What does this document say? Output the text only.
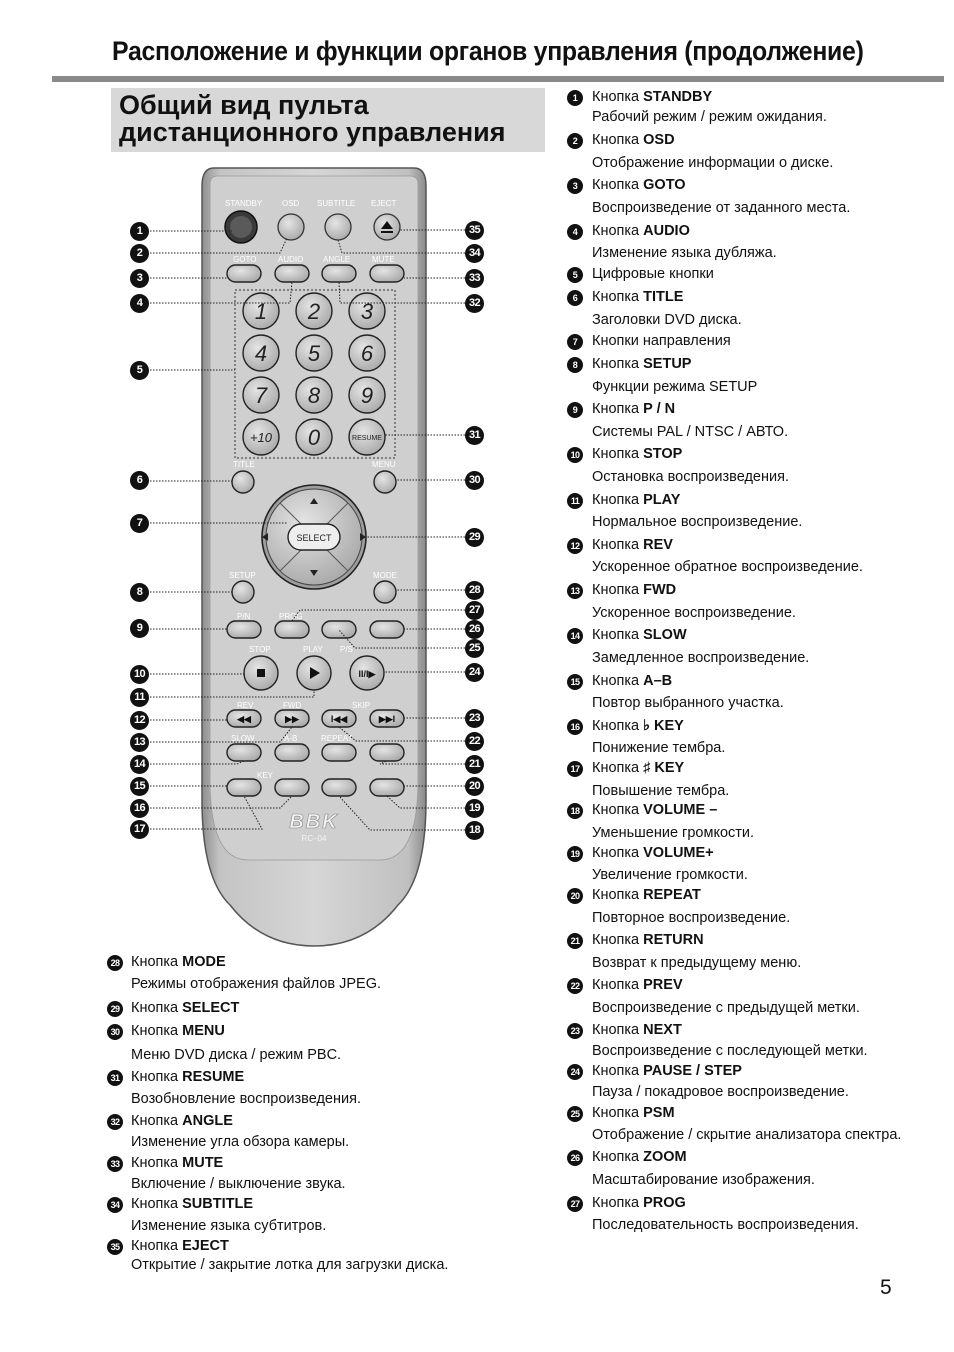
Расположение и функции органов управления (продолжение)
Общий вид пульта
дистанционного управления
STANDBY OSD SUBTITLE EJECT
GOTO	AUDIO ANGLE	MUTE
TITLE	MENU
SETUP	MODE
P/N	PROG
STOP	PLAY P/S
REV	FWD	SKIP
SLOW	A-B	REPEAT
KEY
1 2 3
4 5 6
7 8 9
0
+10	RESUME
SELECT
II/I▶
◀◀	▶▶	I◀◀	▶▶I
BBK
RC–04
1
2
3
4
5
6
7
8
9
10
11
12
13
14
15
16
17
35
34
33
32
31
30
29
28
27
26
25
24
23
22
21
20
19
18
1	Кнопка STANDBY
Рабочий режим / режим ожидания.
2	Кнопка OSD
Отображение информации о диске.
3	Кнопка GOTO
Воспроизведение от заданного места.
4	Кнопка AUDIO
Изменение языка дубляжа.
5	Цифровые кнопки
6	Кнопка TITLE
Заголовки DVD диска.
7	Кнопки направления
8	Кнопка SETUP
Функции режима SETUP
9	Кнопка P / N
Системы PAL / NTSC / АВТО.
10 Кнопка STOP
Остановка воспроизведения.
11 Кнопка PLAY
Нормальное воспроизведение.
12 Кнопка REV
Ускоренное обратное воспроизведение.
13 Кнопка FWD
Ускоренное воспроизведение.
14 Кнопка SLOW
Замедленное воспроизведение.
15 Кнопка A–B
Повтор выбранного участка.
16 Кнопка ♭ KEY
Понижение тембра.
17 Кнопка ♯ KEY
Повышение тембра.
18 Кнопка VOLUME –
Уменьшение громкости.
19 Кнопка VOLUME+
Увеличение громкости.
20 Кнопка REPEAT
Повторное воспроизведение.
21 Кнопка RETURN
Возврат к предыдущему меню.
22 Кнопка PREV
Воспроизведение с предыдущей метки.
23 Кнопка NEXT
Воспроизведение с последующей метки.
24 Кнопка PAUSE / STEP
Пауза / покадровое воспроизведение.
25 Кнопка PSM
Отображение / скрытие анализатора спектра.
26 Кнопка ZOOM
Масштабирование изображения.
27 Кнопка PROG
Последовательность воспроизведения.
28 Кнопка MODE
Режимы отображения файлов JPEG.
29 Кнопка SELECT
30 Кнопка MENU
Меню DVD диска / режим PBC.
31 Кнопка RESUME
Возобновление воспроизведения.
32 Кнопка ANGLE
Изменение угла обзора камеры.
33 Кнопка MUTE
Включение / выключение звука.
34 Кнопка SUBTITLE
Изменение языка субтитров.
35 Кнопка EJECT
Открытие / закрытие лотка для загрузки диска.
5
